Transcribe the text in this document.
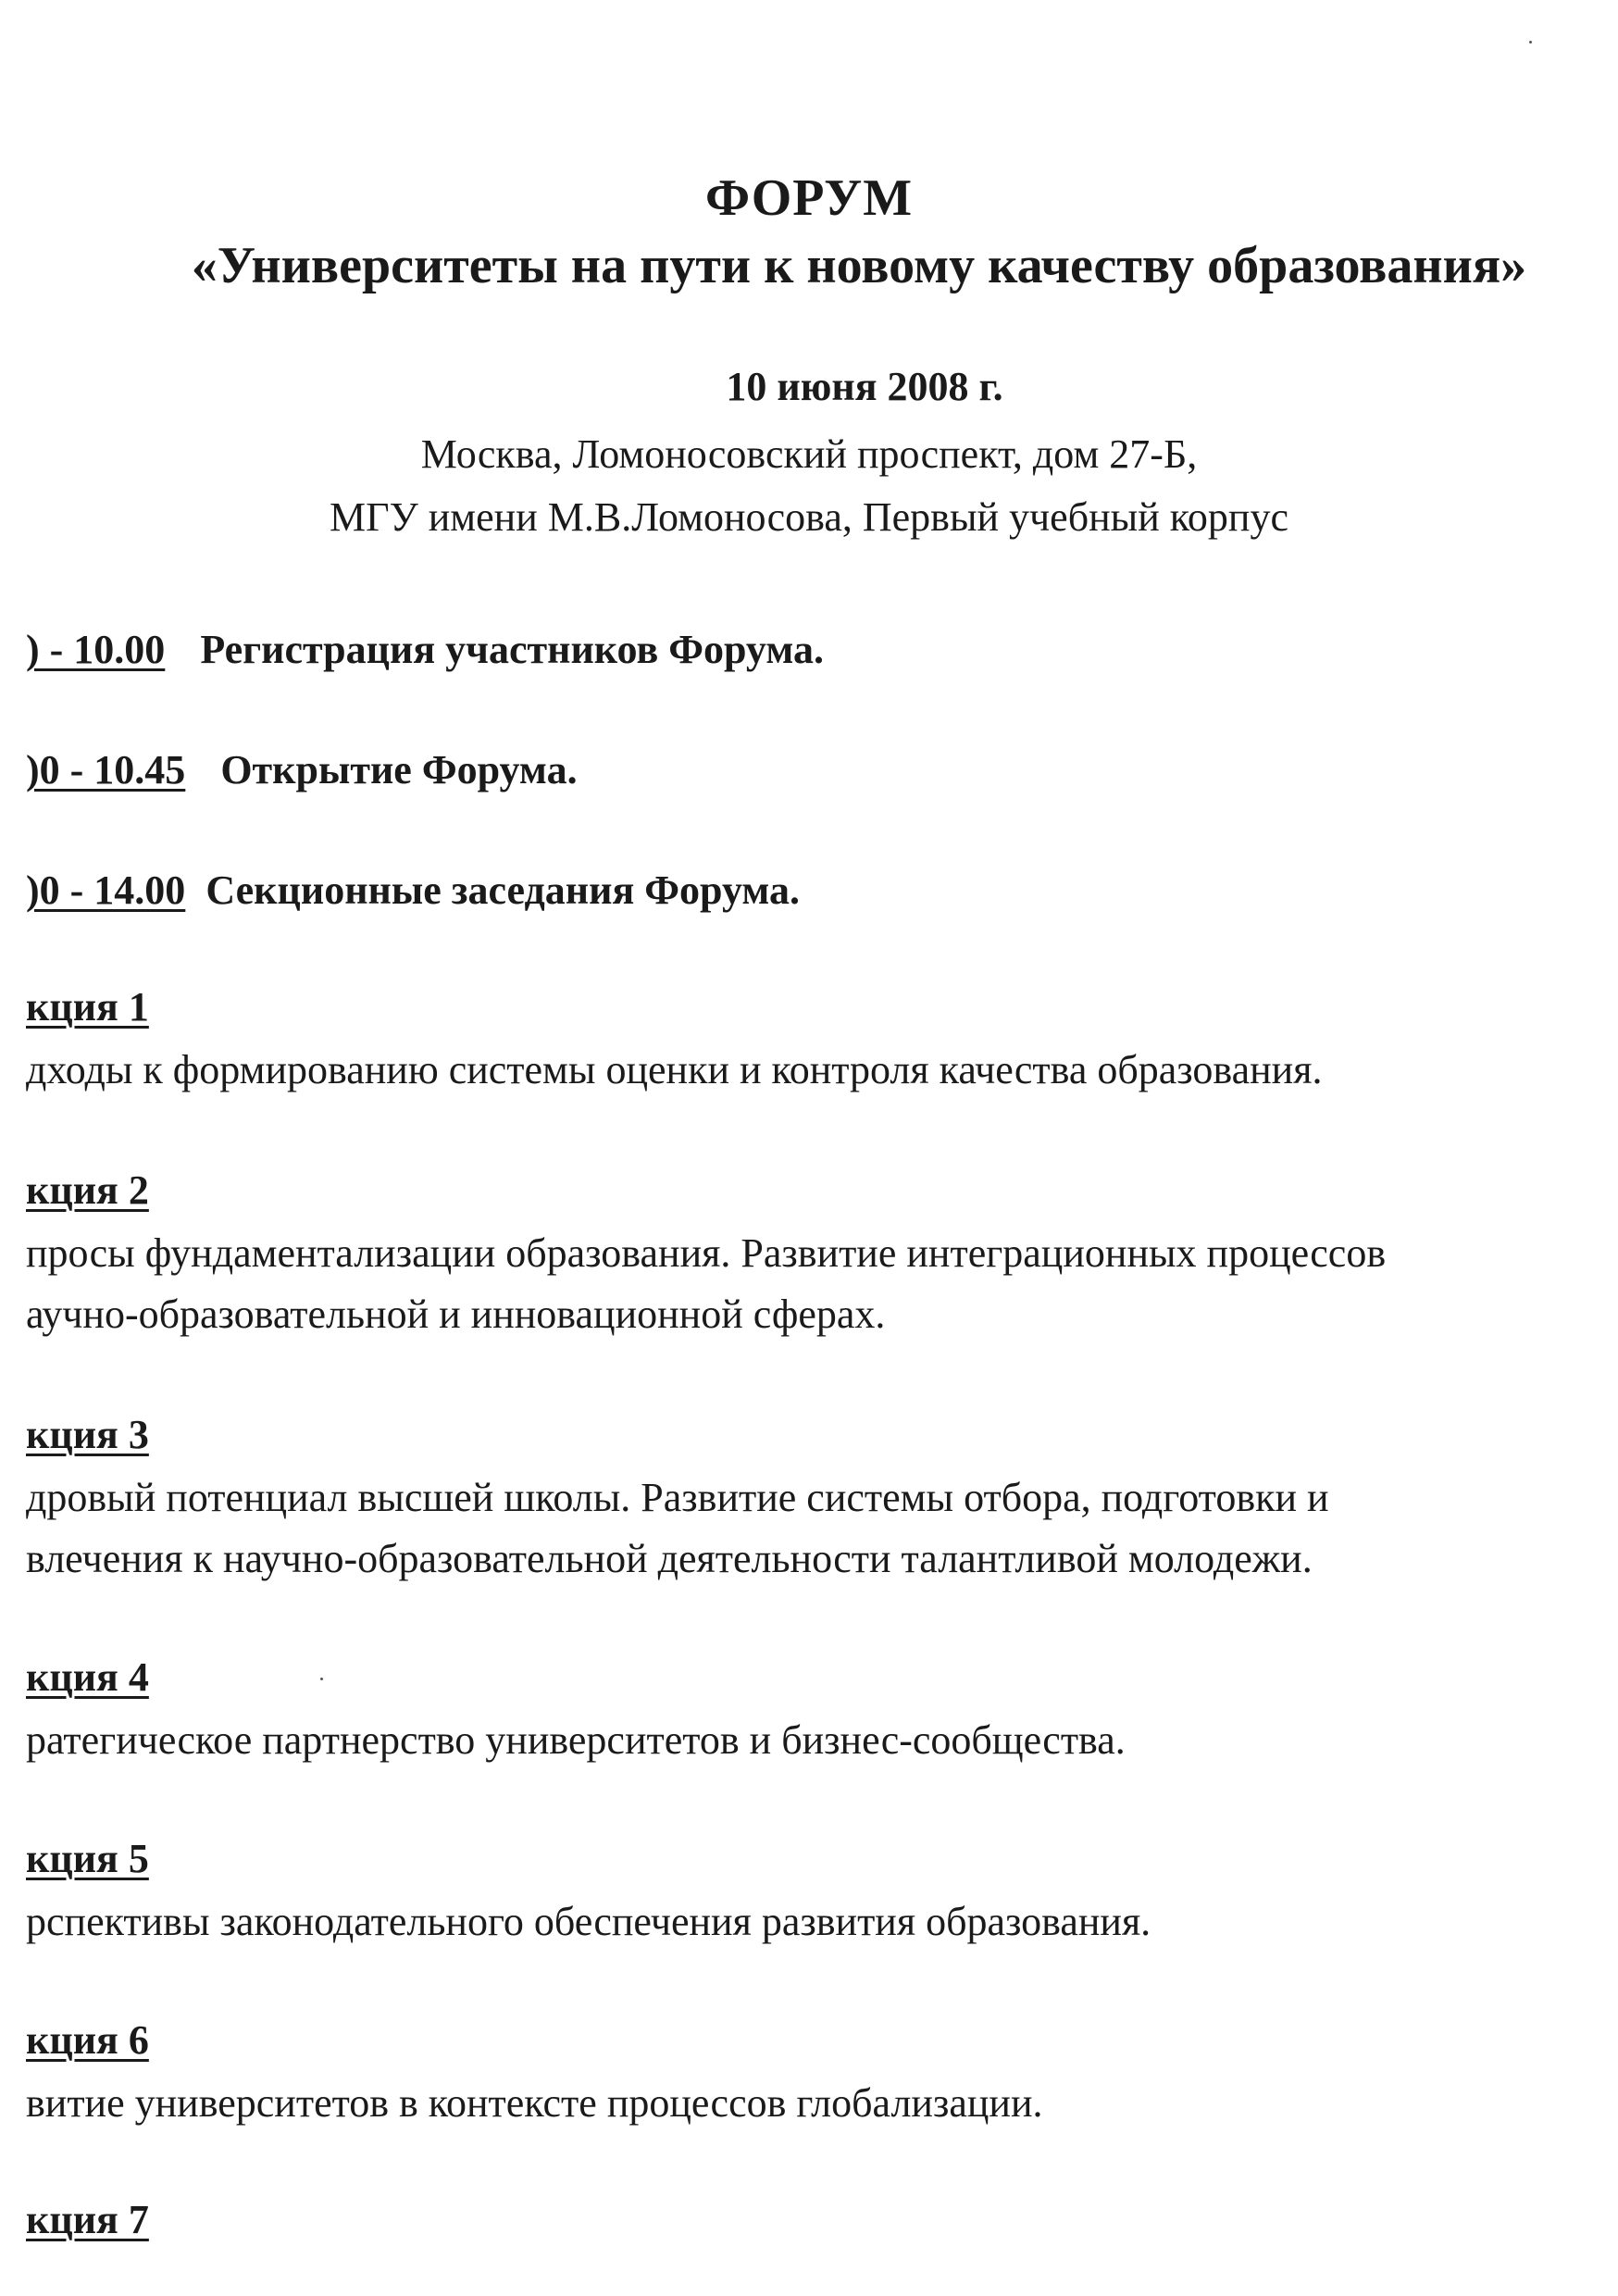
ФОРУМ
«Университеты на пути к новому качеству образования»
10 июня 2008 г.
Москва, Ломоносовский проспект, дом 27-Б,
МГУ имени М.В.Ломоносова, Первый учебный корпус
) - 10.00 Регистрация участников Форума.
)0 - 10.45 Открытие Форума.
)0 - 14.00 Секционные заседания Форума.
кция 1
дходы к формированию системы оценки и контроля качества образования.
кция 2
просы фундаментализации образования. Развитие интеграционных процессов
аучно-образовательной и инновационной сферах.
кция 3
дровый потенциал высшей школы. Развитие системы отбора, подготовки и
влечения к научно-образовательной деятельности талантливой молодежи.
кция 4
ратегическое партнерство университетов и бизнес-сообщества.
кция 5
рспективы законодательного обеспечения развития образования.
кция 6
витие университетов в контексте процессов глобализации.
кция 7
